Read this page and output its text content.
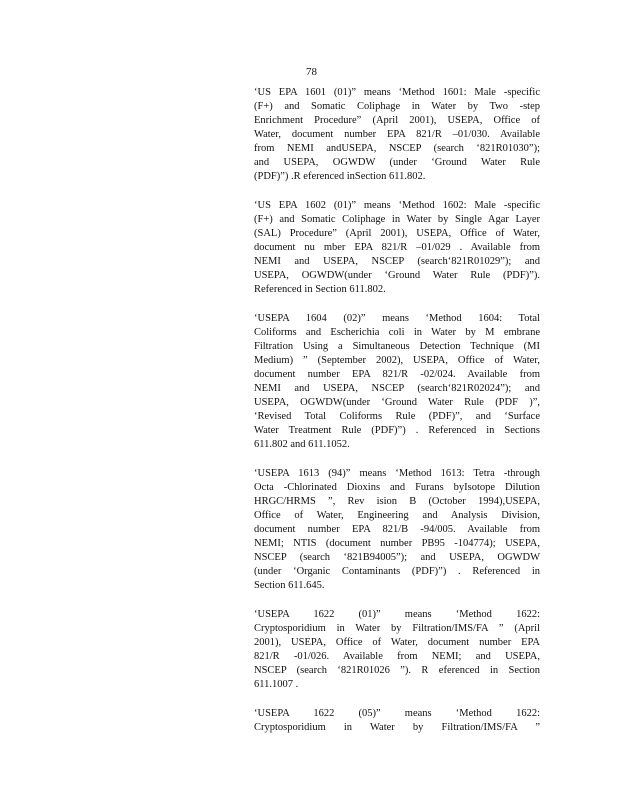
78
‘US EPA 1601 (01)” means ‘Method 1601: Male -specific
(F+) and Somatic Coliphage in Water by Two -step
Enrichment Procedure” (April 2001), USEPA, Office of
Water, document number EPA 821/R –01/030. Available
from NEMI andUSEPA, NSCEP (search ‘821R01030”);
and USEPA, OGWDW (under ‘Ground Water Rule
(PDF)”) .R eferenced inSection 611.802.
‘US EPA 1602 (01)” means ‘Method 1602: Male -specific
(F+) and Somatic Coliphage in Water by Single Agar Layer
(SAL) Procedure” (April 2001), USEPA, Office of Water,
document nu mber EPA 821/R –01/029 . Available from
NEMI and USEPA, NSCEP (search‘821R01029”); and
USEPA, OGWDW(under ‘Ground Water Rule (PDF)”).
Referenced in Section 611.802.
‘USEPA 1604 (02)” means ‘Method 1604: Total
Coliforms and Escherichia coli in Water by M embrane
Filtration Using a Simultaneous Detection Technique (MI
Medium) ” (September 2002), USEPA, Office of Water,
document number EPA 821/R -02/024. Available from
NEMI and USEPA, NSCEP (search‘821R02024”); and
USEPA, OGWDW(under ‘Ground Water Rule (PDF )”,
‘Revised Total Coliforms Rule (PDF)”, and ‘Surface
Water Treatment Rule (PDF)”) . Referenced in Sections
611.802 and 611.1052.
‘USEPA 1613 (94)” means ‘Method 1613: Tetra -through
Octa -Chlorinated Dioxins and Furans byIsotope Dilution
HRGC/HRMS ”, Rev ision B (October 1994),USEPA,
Office of Water, Engineering and Analysis Division,
document number EPA 821/B -94/005. Available from
NEMI; NTIS (document number PB95 -104774); USEPA,
NSCEP (search ‘821B94005”); and USEPA, OGWDW
(under ‘Organic Contaminants (PDF)”) . Referenced in
Section 611.645.
‘USEPA 1622 (01)” means ‘Method 1622:
Cryptosporidium in Water by Filtration/IMS/FA ” (April
2001), USEPA, Office of Water, document number EPA
821/R -01/026. Available from NEMI; and USEPA,
NSCEP (search ‘821R01026 ”). R eferenced in Section
611.1007 .
‘USEPA 1622 (05)” means ‘Method 1622:
Cryptosporidium in Water by Filtration/IMS/FA ”
